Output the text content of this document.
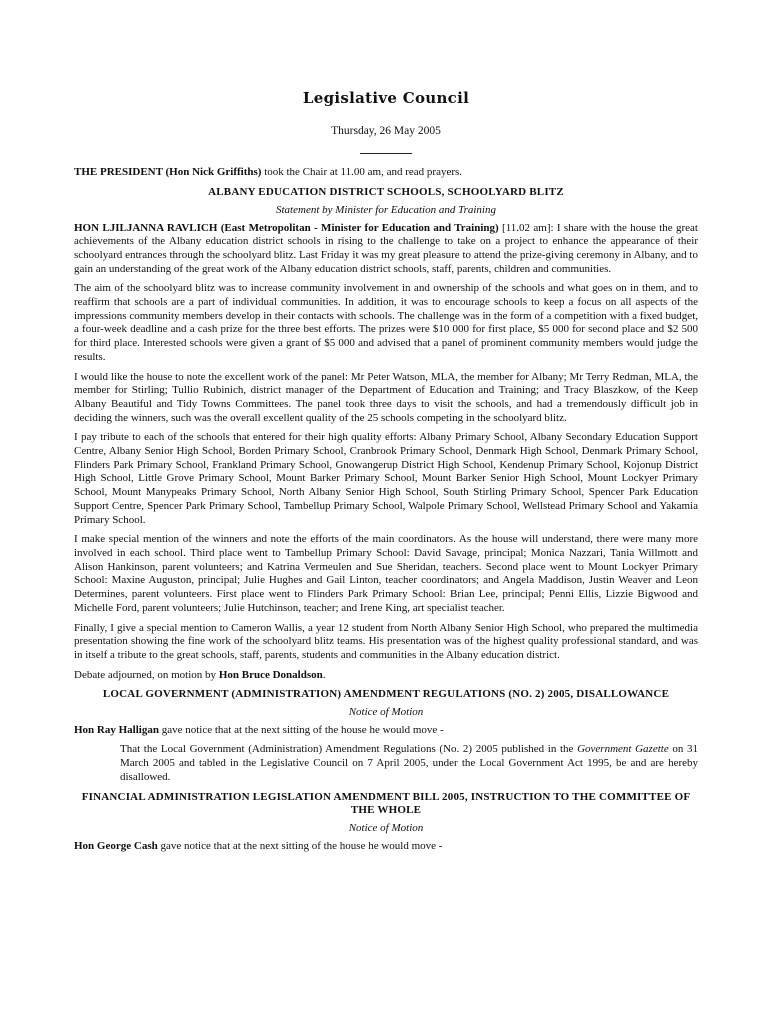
Legislative Council
Thursday, 26 May 2005

THE PRESIDENT (Hon Nick Griffiths) took the Chair at 11.00 am, and read prayers.

ALBANY EDUCATION DISTRICT SCHOOLS, SCHOOLYARD BLITZ
Statement by Minister for Education and Training

HON LJILJANNA RAVLICH (East Metropolitan - Minister for Education and Training) [11.02 am]: I share with the house the great achievements of the Albany education district schools in rising to the challenge to take on a project to enhance the appearance of their schoolyard entrances through the schoolyard blitz. Last Friday it was my great pleasure to attend the prize-giving ceremony in Albany, and to gain an understanding of the great work of the Albany education district schools, staff, parents, children and communities.

The aim of the schoolyard blitz was to increase community involvement in and ownership of the schools and what goes on in them, and to reaffirm that schools are a part of individual communities. In addition, it was to encourage schools to keep a focus on all aspects of the impressions community members develop in their contacts with schools. The challenge was in the form of a competition with a fixed budget, a four-week deadline and a cash prize for the three best efforts. The prizes were $10 000 for first place, $5 000 for second place and $2 500 for third place. Interested schools were given a grant of $5 000 and advised that a panel of prominent community members would judge the results.

I would like the house to note the excellent work of the panel: Mr Peter Watson, MLA, the member for Albany; Mr Terry Redman, MLA, the member for Stirling; Tullio Rubinich, district manager of the Department of Education and Training; and Tracy Blaszkow, of the Keep Albany Beautiful and Tidy Towns Committees. The panel took three days to visit the schools, and had a tremendously difficult job in deciding the winners, such was the overall excellent quality of the 25 schools competing in the schoolyard blitz.

I pay tribute to each of the schools that entered for their high quality efforts: Albany Primary School, Albany Secondary Education Support Centre, Albany Senior High School, Borden Primary School, Cranbrook Primary School, Denmark High School, Denmark Primary School, Flinders Park Primary School, Frankland Primary School, Gnowangerup District High School, Kendenup Primary School, Kojonup District High School, Little Grove Primary School, Mount Barker Primary School, Mount Barker Senior High School, Mount Lockyer Primary School, Mount Manypeaks Primary School, North Albany Senior High School, South Stirling Primary School, Spencer Park Education Support Centre, Spencer Park Primary School, Tambellup Primary School, Walpole Primary School, Wellstead Primary School and Yakamia Primary School.

I make special mention of the winners and note the efforts of the main coordinators. As the house will understand, there were many more involved in each school. Third place went to Tambellup Primary School: David Savage, principal; Monica Nazzari, Tania Willmott and Alison Hankinson, parent volunteers; and Katrina Vermeulen and Sue Sheridan, teachers. Second place went to Mount Lockyer Primary School: Maxine Auguston, principal; Julie Hughes and Gail Linton, teacher coordinators; and Angela Maddison, Justin Weaver and Leon Determines, parent volunteers. First place went to Flinders Park Primary School: Brian Lee, principal; Penni Ellis, Lizzie Bigwood and Michelle Ford, parent volunteers; Julie Hutchinson, teacher; and Irene King, art specialist teacher.

Finally, I give a special mention to Cameron Wallis, a year 12 student from North Albany Senior High School, who prepared the multimedia presentation showing the fine work of the schoolyard blitz teams. His presentation was of the highest quality professional standard, and was in itself a tribute to the great schools, staff, parents, students and communities in the Albany education district.

Debate adjourned, on motion by Hon Bruce Donaldson.

LOCAL GOVERNMENT (ADMINISTRATION) AMENDMENT REGULATIONS (NO. 2) 2005, DISALLOWANCE
Notice of Motion

Hon Ray Halligan gave notice that at the next sitting of the house he would move -

That the Local Government (Administration) Amendment Regulations (No. 2) 2005 published in the Government Gazette on 31 March 2005 and tabled in the Legislative Council on 7 April 2005, under the Local Government Act 1995, be and are hereby disallowed.

FINANCIAL ADMINISTRATION LEGISLATION AMENDMENT BILL 2005, INSTRUCTION TO THE COMMITTEE OF THE WHOLE
Notice of Motion

Hon George Cash gave notice that at the next sitting of the house he would move -
